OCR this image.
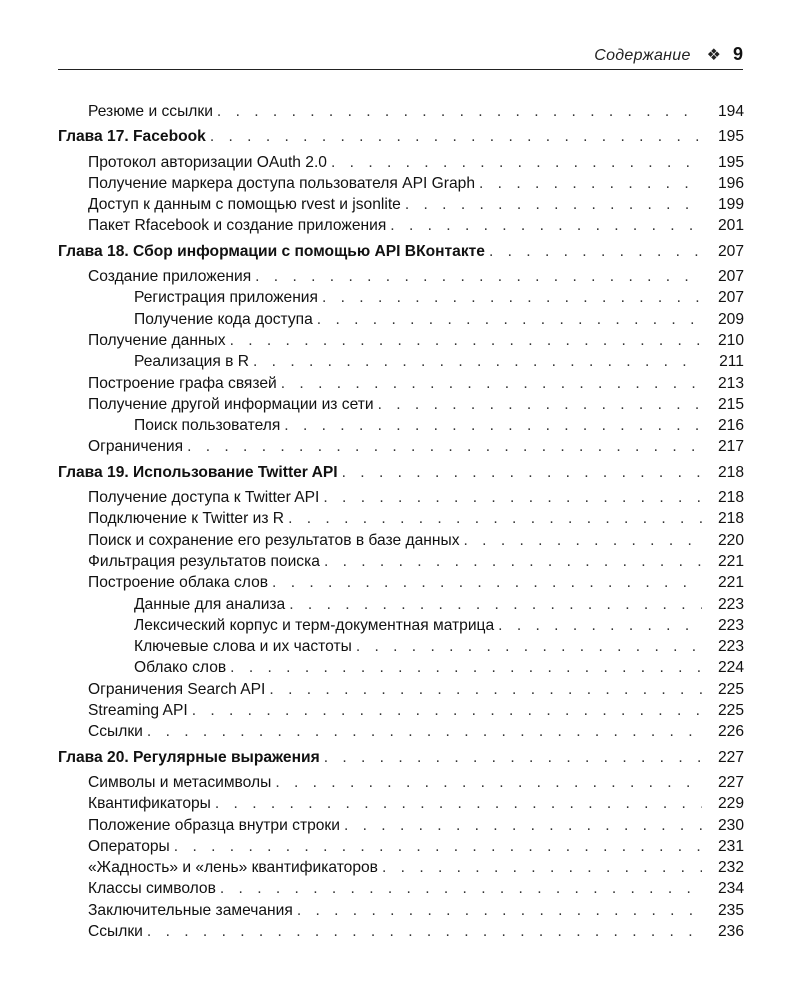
Содержание ❖ 9
Резюме и ссылки . . .	194
Глава 17. Facebook . . .	195
Протокол авторизации OAuth 2.0 . . .	195
Получение маркера доступа пользователя API Graph . . .	196
Доступ к данным с помощью rvest и jsonlite . . .	199
Пакет Rfacebook и создание приложения . . .	201
Глава 18. Сбор информации с помощью API ВКонтакте . . .	207
Создание приложения . . .	207
Регистрация приложения . . .	207
Получение кода доступа . . .	209
Получение данных . . .	210
Реализация в R . . .	211
Построение графа связей . . .	213
Получение другой информации из сети . . .	215
Поиск пользователя . . .	216
Ограничения . . .	217
Глава 19. Использование Twitter API . . .	218
Получение доступа к Twitter API . . .	218
Подключение к Twitter из R . . .	218
Поиск и сохранение его результатов в базе данных . . .	220
Фильтрация результатов поиска . . .	221
Построение облака слов . . .	221
Данные для анализа . . .	223
Лексический корпус и терм-документная матрица . . .	223
Ключевые слова и их частоты . . .	223
Облако слов . . .	224
Ограничения Search API . . .	225
Streaming API . . .	225
Ссылки . . .	226
Глава 20. Регулярные выражения . . .	227
Символы и метасимволы . . .	227
Квантификаторы . . .	229
Положение образца внутри строки . . .	230
Операторы . . .	231
«Жадность» и «лень» квантификаторов . . .	232
Классы символов . . .	234
Заключительные замечания . . .	235
Ссылки . . .	236
